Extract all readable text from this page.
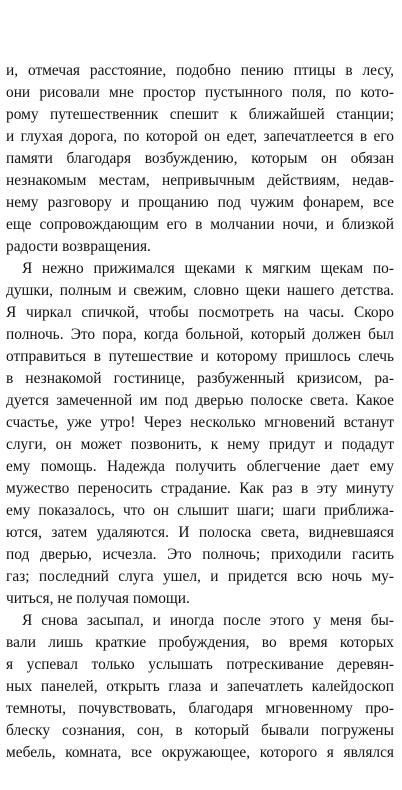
и, отмечая расстояние, подобно пению птицы в лесу,
они рисовали мне простор пустынного поля, по кото-
рому путешественник спешит к ближайшей станции;
и глухая дорога, по которой он едет, запечатлеется в его
памяти благодаря возбуждению, которым он обязан
незнакомым местам, непривычным действиям, недав-
нему разговору и прощанию под чужим фонарем, все
еще сопровождающим его в молчании ночи, и близкой
радости возвращения.
Я нежно прижимался щеками к мягким щекам по-
душки, полным и свежим, словно щеки нашего детства.
Я чиркал спичкой, чтобы посмотреть на часы. Скоро
полночь. Это пора, когда больной, который должен был
отправиться в путешествие и которому пришлось слечь
в незнакомой гостинице, разбуженный кризисом, ра-
дуется замеченной им под дверью полоске света. Какое
счастье, уже утро! Через несколько мгновений встанут
слуги, он может позвонить, к нему придут и подадут
ему помощь. Надежда получить облегчение дает ему
мужество переносить страдание. Как раз в эту минуту
ему показалось, что он слышит шаги; шаги приближа-
ются, затем удаляются. И полоска света, видневшаяся
под дверью, исчезла. Это полночь; приходили гасить
газ; последний слуга ушел, и придется всю ночь му-
читься, не получая помощи.
Я снова засыпал, и иногда после этого у меня бы-
вали лишь краткие пробуждения, во время которых
я успевал только услышать потрескивание деревян-
ных панелей, открыть глаза и запечатлеть калейдоскоп
темноты, почувствовать, благодаря мгновенному про-
блеску сознания, сон, в который бывали погружены
мебель, комната, все окружающее, которого я являлся
